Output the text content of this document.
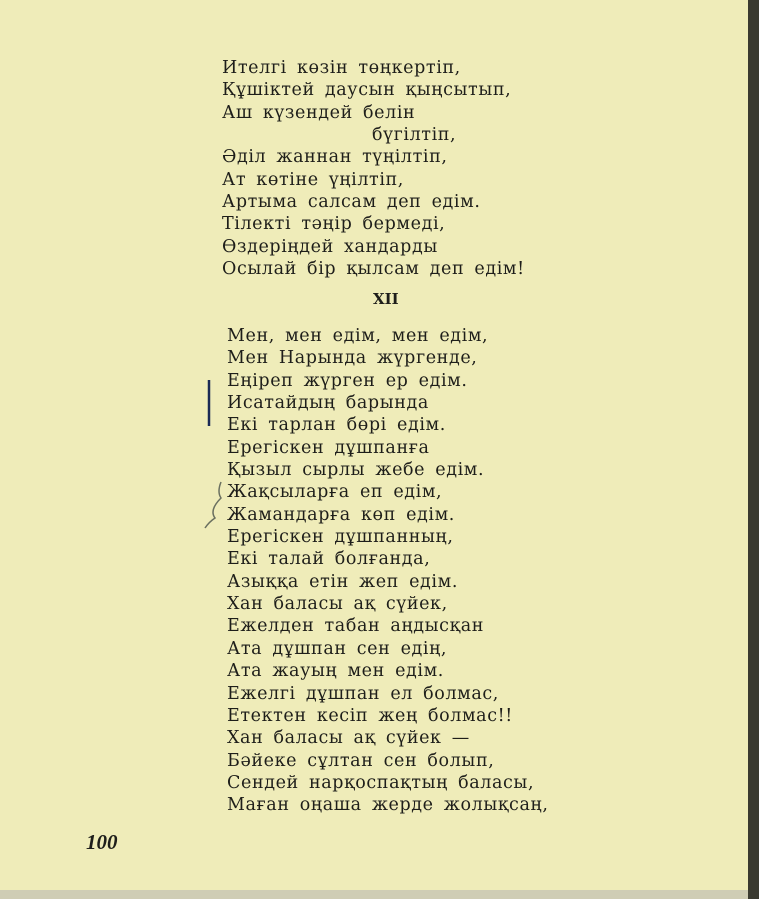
Ителгі көзін төңкертіп,
Құшіктей даусын қыңсытып,
Аш күзендей белін
бүгілтіп,
Әділ жаннан түңілтіп,
Ат көтіне үңілтіп,
Артыма салсам деп едім.
Тілекті тәңір бермеді,
Өздеріңдей хандарды
Осылай бір қылсам деп едім!
XII
Мен, мен едім, мен едім,
Мен Нарында жүргенде,
Еңіреп жүрген ер едім.
Исатайдың барында
Екі тарлан бөрі едім.
Ерегіскен дұшпанға
Қызыл сырлы жебе едім.
Жақсыларға еп едім,
Жамандарға көп едім.
Ерегіскен дұшпанның,
Екі талай болғанда,
Азыққа етін жеп едім.
Хан баласы ақ сүйек,
Ежелден табан аңдысқан
Ата дұшпан сен едің,
Ата жауың мен едім.
Ежелгі дұшпан ел болмас,
Етектен кесіп жең болмас!!
Хан баласы ақ сүйек —
Бәйеке сұлтан сен болып,
Сендей нарқоспақтың баласы,
Маған оңаша жерде жолықсаң,
100
